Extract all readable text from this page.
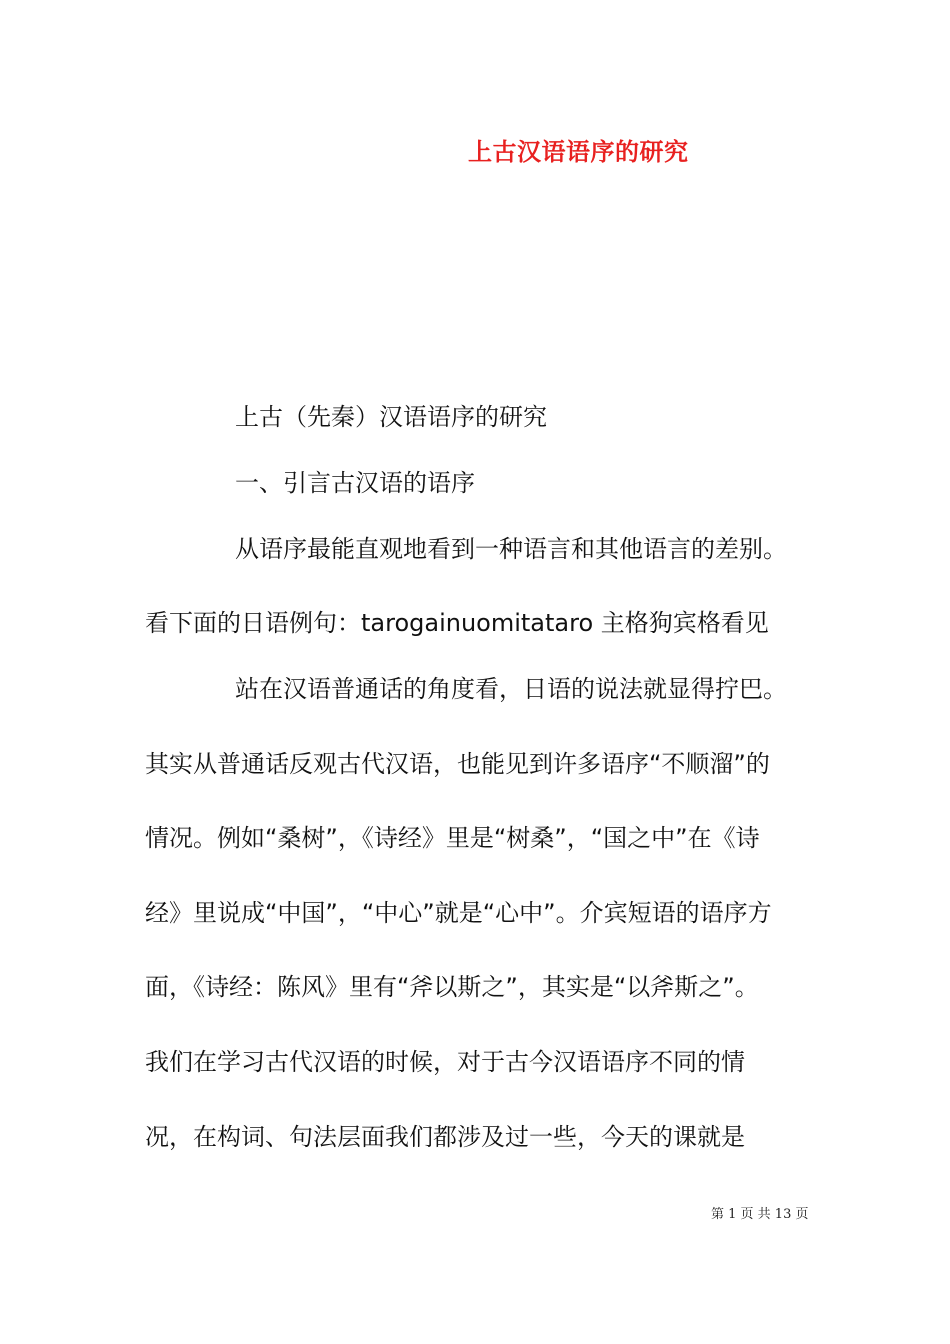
上古汉语语序的研究

上古（先秦）汉语语序的研究

一、引言古汉语的语序

从语序最能直观地看到一种语言和其他语言的差别。

看下面的日语例句：tarogainuomitataro 主格狗宾格看见

站在汉语普通话的角度看，日语的说法就显得拧巴。

其实从普通话反观古代汉语，也能见到许多语序“不顺溜”的

情况。例如“桑树”，《诗经》里是“树桑”，“国之中”在《诗

经》里说成“中国”，“中心”就是“心中”。介宾短语的语序方

面，《诗经：陈风》里有“斧以斯之”，其实是“以斧斯之”。

我们在学习古代汉语的时候，对于古今汉语语序不同的情

况，在构词、句法层面我们都涉及过一些，今天的课就是

第 1 页 共 13 页
